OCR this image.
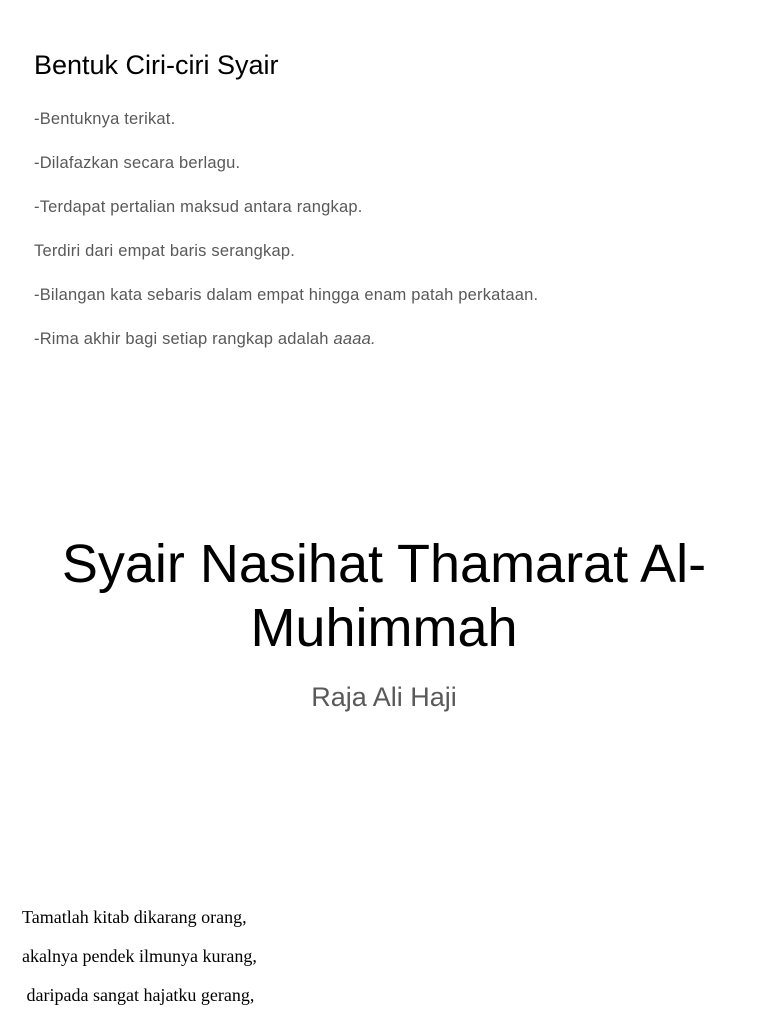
Bentuk Ciri-ciri Syair
-Bentuknya terikat.
-Dilafazkan secara berlagu.
-Terdapat pertalian maksud antara rangkap.
Terdiri dari empat baris serangkap.
-Bilangan kata sebaris dalam empat hingga enam patah perkataan.
-Rima akhir bagi setiap rangkap adalah aaaa.
Syair Nasihat Thamarat Al-Muhimmah
Raja Ali Haji
Tamatlah kitab dikarang orang,
akalnya pendek ilmunya kurang,
daripada sangat hajatku gerang,
